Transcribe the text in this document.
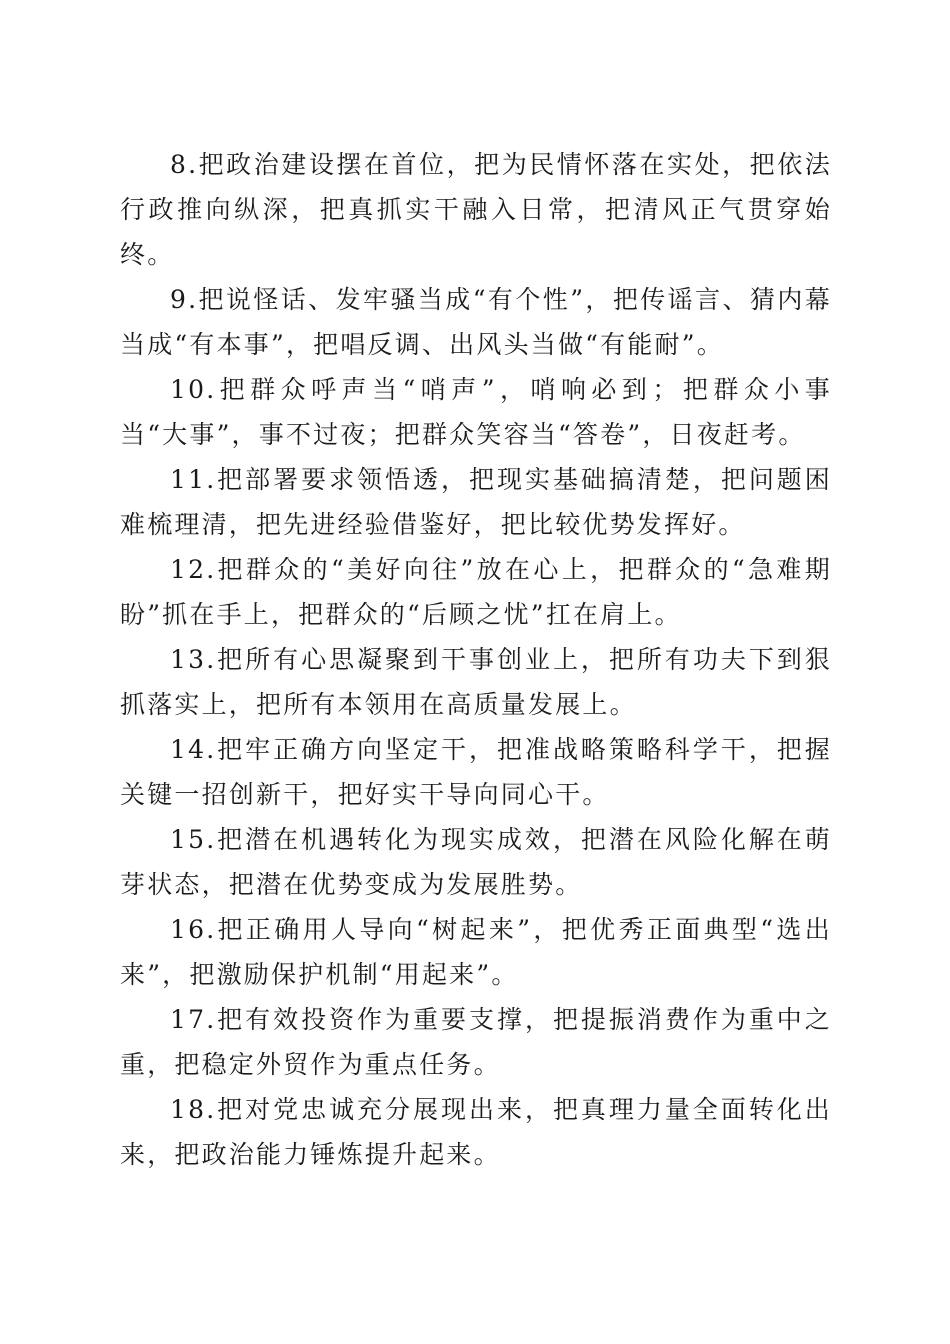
8.把政治建设摆在首位，把为民情怀落在实处，把依法行政推向纵深，把真抓实干融入日常，把清风正气贯穿始终。

9.把说怪话、发牢骚当成“有个性”，把传谣言、猜内幕当成“有本事”，把唱反调、出风头当做“有能耐”。

10.把群众呼声当“哨声”，哨响必到；把群众小事当“大事”，事不过夜；把群众笑容当“答卷”，日夜赶考。

11.把部署要求领悟透，把现实基础搞清楚，把问题困难梳理清，把先进经验借鉴好，把比较优势发挥好。

12.把群众的“美好向往”放在心上，把群众的“急难期盼”抓在手上，把群众的“后顾之忧”扛在肩上。

13.把所有心思凝聚到干事创业上，把所有功夫下到狠抓落实上，把所有本领用在高质量发展上。

14.把牢正确方向坚定干，把准战略策略科学干，把握关键一招创新干，把好实干导向同心干。

15.把潜在机遇转化为现实成效，把潜在风险化解在萌芽状态，把潜在优势变成为发展胜势。

16.把正确用人导向“树起来”，把优秀正面典型“选出来”，把激励保护机制“用起来”。

17.把有效投资作为重要支撑，把提振消费作为重中之重，把稳定外贸作为重点任务。

18.把对党忠诚充分展现出来，把真理力量全面转化出来，把政治能力锤炼提升起来。
